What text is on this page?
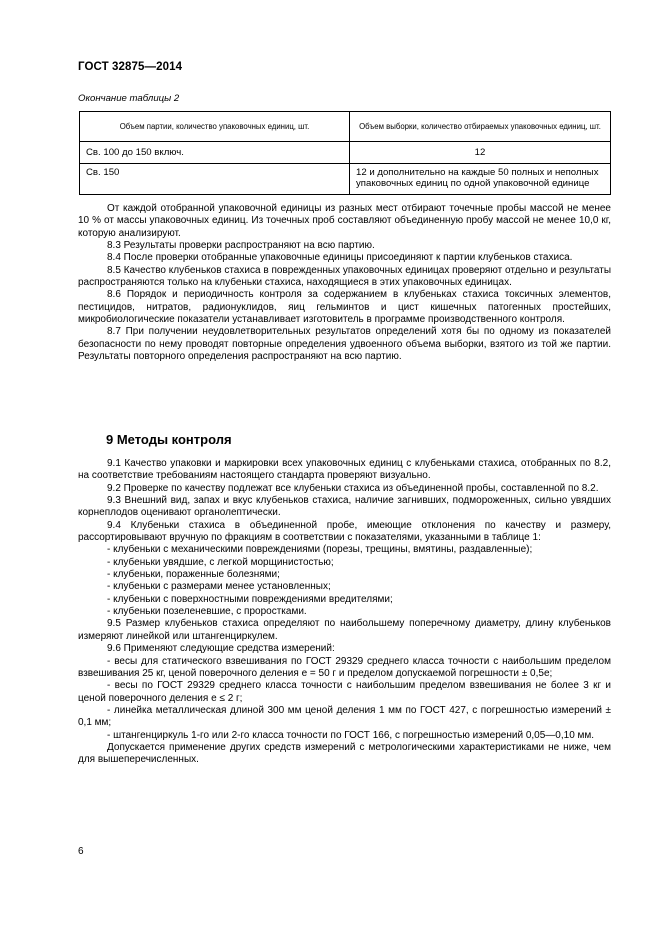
ГОСТ 32875—2014
Окончание таблицы 2
Объем партии, количество упаковочных единиц, шт.	Объем выборки, количество отбираемых упаковочных единиц, шт.
Св. 100 до 150 включ.	12
Св. 150	12 и дополнительно на каждые 50 полных и неполных упаковочных единиц по одной упаковочной единице

От каждой отобранной упаковочной единицы из разных мест отбирают точечные пробы массой не менее 10 % от массы упаковочных единиц. Из точечных проб составляют объединенную пробу массой не менее 10,0 кг, которую анализируют.

8.3 Результаты проверки распространяют на всю партию.

8.4 После проверки отобранные упаковочные единицы присоединяют к партии клубеньков стахиса.

8.5 Качество клубеньков стахиса в поврежденных упаковочных единицах проверяют отдельно и результаты распространяются только на клубеньки стахиса, находящиеся в этих упаковочных единицах.

8.6 Порядок и периодичность контроля за содержанием в клубеньках стахиса токсичных элементов, пестицидов, нитратов, радионуклидов, яиц гельминтов и цист кишечных патогенных простейших, микробиологические показатели устанавливает изготовитель в программе производственного контроля.

8.7 При получении неудовлетворительных результатов определений хотя бы по одному из показателей безопасности по нему проводят повторные определения удвоенного объема выборки, взятого из той же партии. Результаты повторного определения распространяют на всю партию.

9 Методы контроля

9.1 Качество упаковки и маркировки всех упаковочных единиц с клубеньками стахиса, отобранных по 8.2, на соответствие требованиям настоящего стандарта проверяют визуально.

9.2 Проверке по качеству подлежат все клубеньки стахиса из объединенной пробы, составленной по 8.2.

9.3 Внешний вид, запах и вкус клубеньков стахиса, наличие загнивших, подмороженных, сильно увядших корнеплодов оценивают органолептически.

9.4 Клубеньки стахиса в объединенной пробе, имеющие отклонения по качеству и размеру, рассортировывают вручную по фракциям в соответствии с показателями, указанными в таблице 1:

- клубеньки с механическими повреждениями (порезы, трещины, вмятины, раздавленные);

- клубеньки увядшие, с легкой морщинистостью;

- клубеньки, пораженные болезнями;

- клубеньки с размерами менее установленных;

- клубеньки с поверхностными повреждениями вредителями;

- клубеньки позеленевшие, с проростками.

9.5 Размер клубеньков стахиса определяют по наибольшему поперечному диаметру, длину клубеньков измеряют линейкой или штангенциркулем.

9.6 Применяют следующие средства измерений:

- весы для статического взвешивания по ГОСТ 29329 среднего класса точности с наибольшим пределом взвешивания 25 кг, ценой поверочного деления е = 50 г и пределом допускаемой погрешности ± 0,5е;

- весы по ГОСТ 29329 среднего класса точности с наибольшим пределом взвешивания не более 3 кг и ценой поверочного деления е ≤ 2 г;

- линейка металлическая длиной 300 мм ценой деления 1 мм по ГОСТ 427, с погрешностью измерений ± 0,1 мм;

- штангенциркуль 1-го или 2-го класса точности по ГОСТ 166, с погрешностью измерений 0,05—0,10 мм.

Допускается применение других средств измерений с метрологическими характеристиками не ниже, чем для вышеперечисленных.

6
